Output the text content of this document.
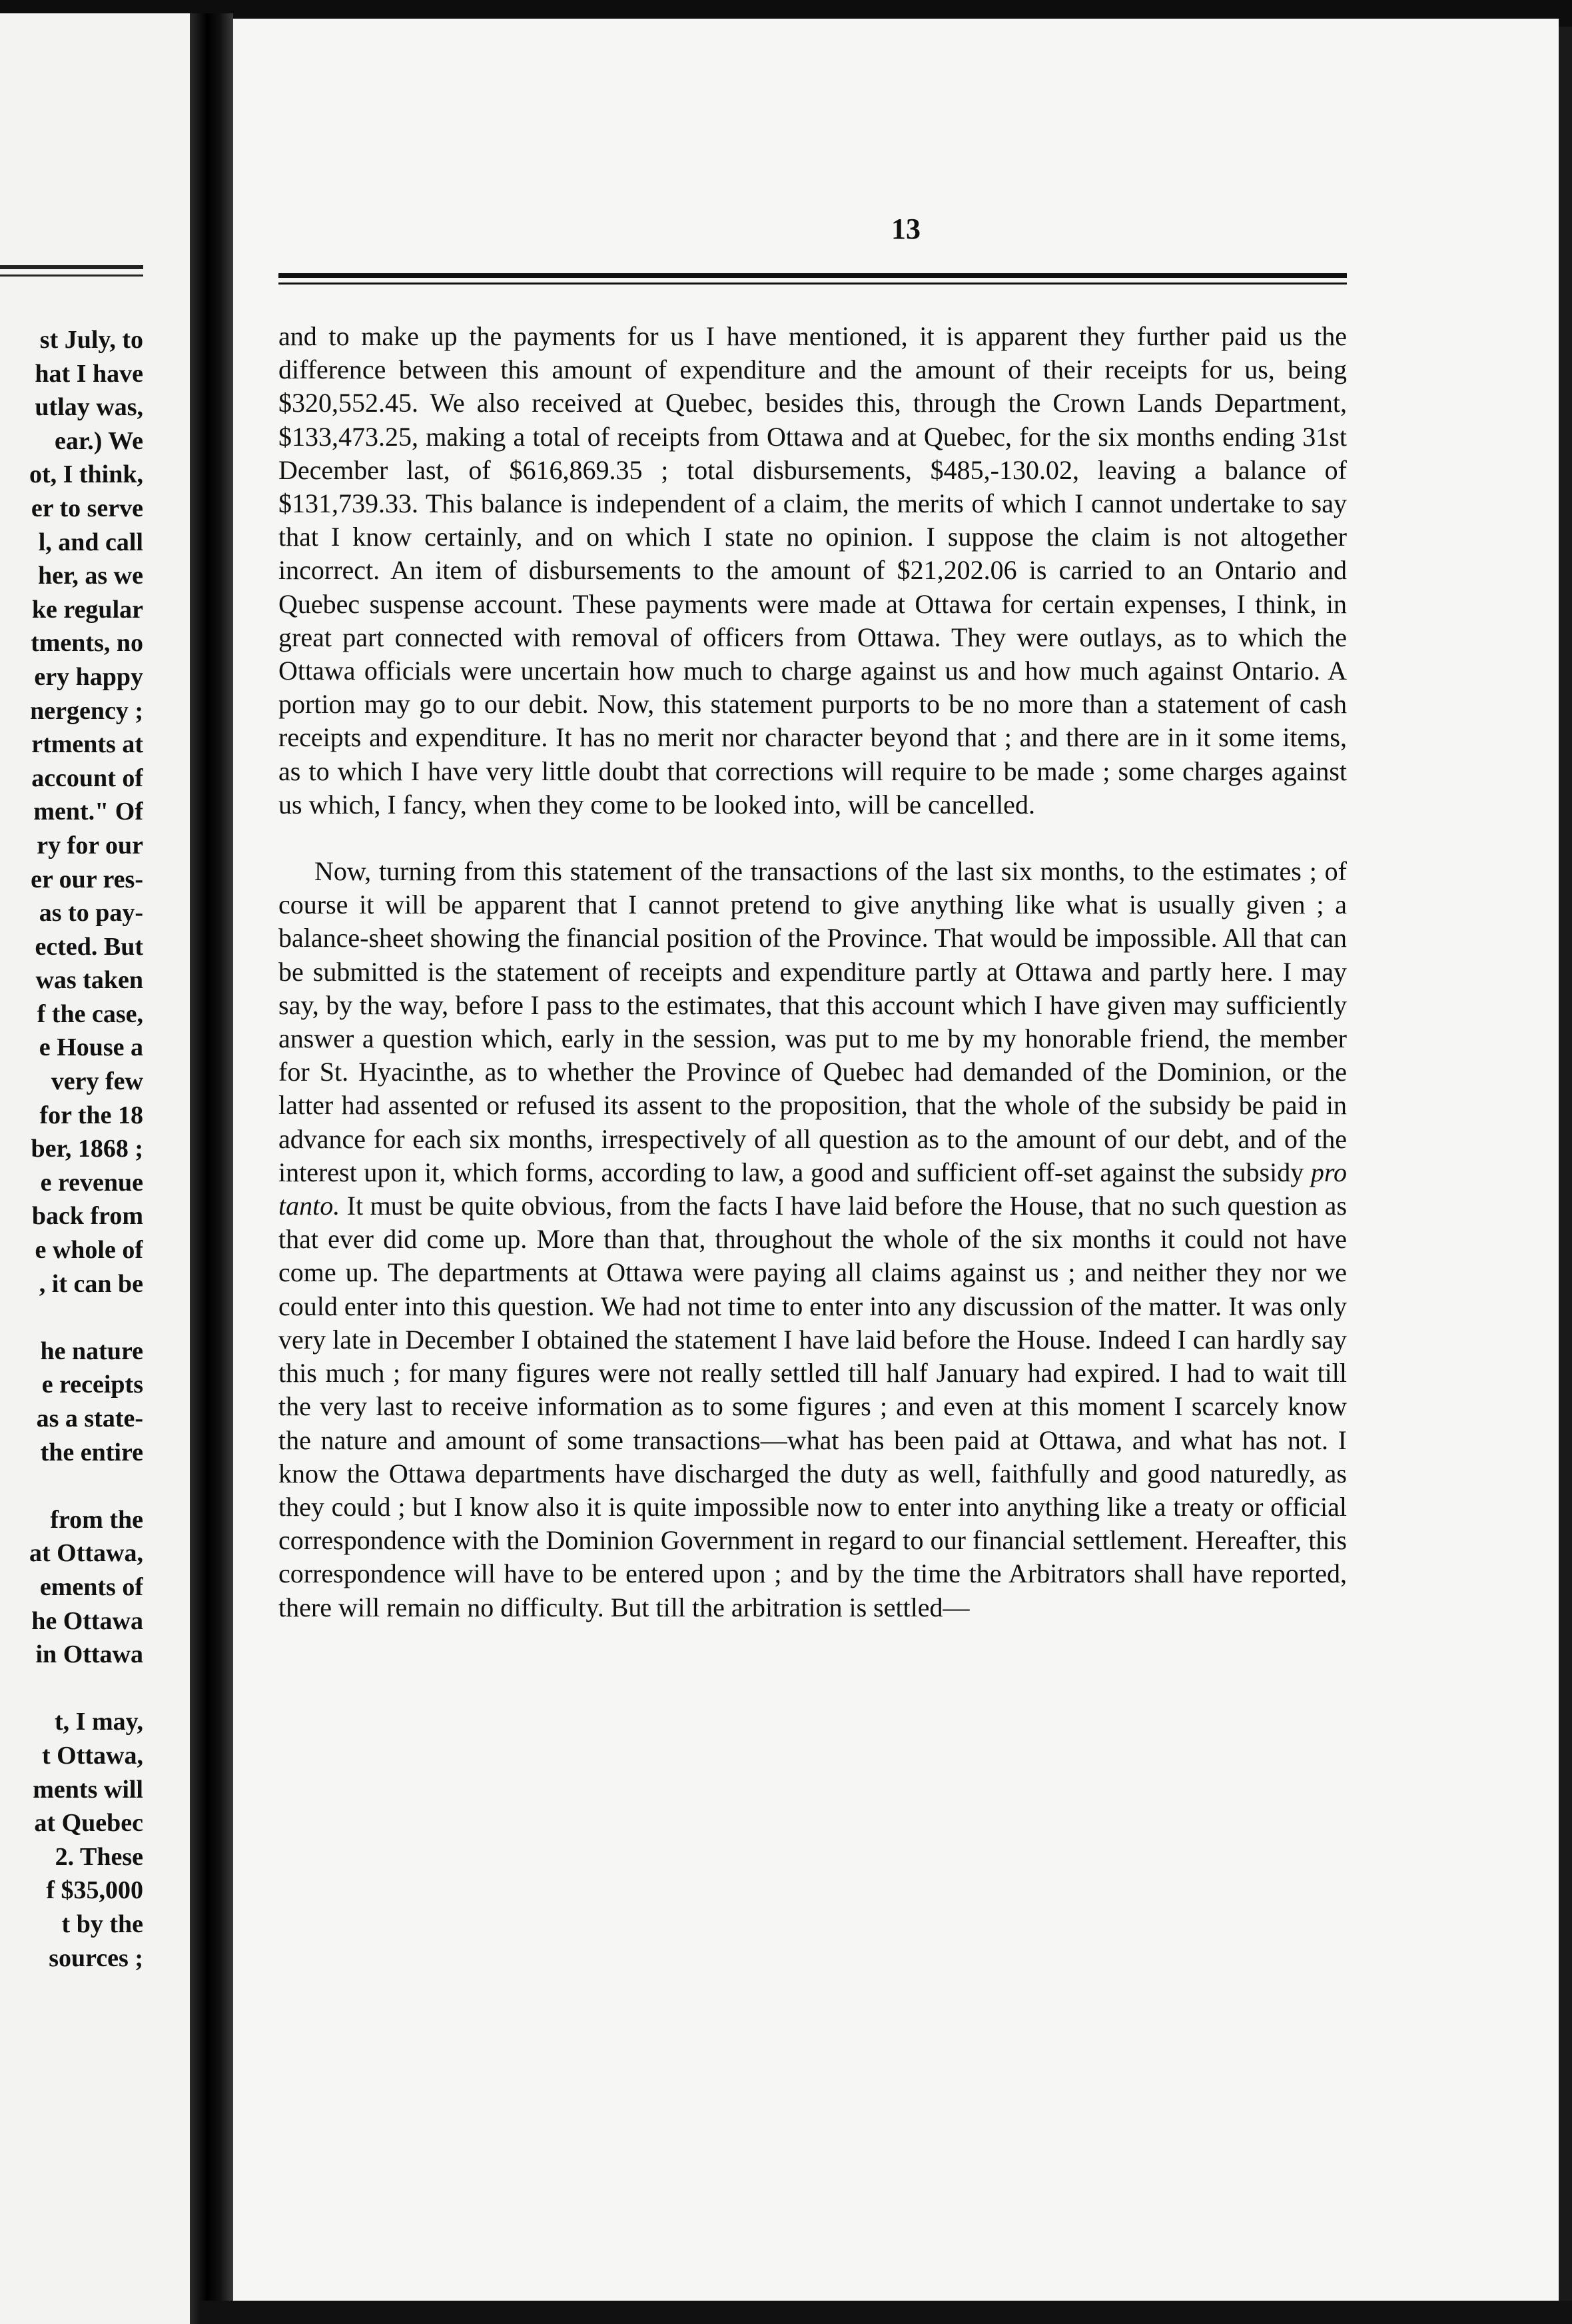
st July, to
hat I have
utlay was,
ear.) We
ot, I think,
er to serve
l, and call
her, as we
ke regular
tments, no
ery happy
nergency ;
rtments at
account of
ment." Of
ry for our
er our res-
as to pay-
ected. But
was taken
f the case,
e House a
very few
for the 18
ber, 1868 ;
e revenue
back from
e whole of
, it can be
he nature
e receipts
as a state-
the entire
from the
at Ottawa,
ements of
he Ottawa
in Ottawa
t, I may,
t Ottawa,
ments will
at Quebec
2. These
f $35,000
t by the
sources ;
13

and to make up the payments for us I have mentioned, it is apparent they further paid us the difference between this amount of expenditure and the amount of their receipts for us, being $320,552.45. We also received at Quebec, besides this, through the Crown Lands Department, $133,473.25, making a total of receipts from Ottawa and at Quebec, for the six months ending 31st December last, of $616,869.35 ; total disbursements, $485,-130.02, leaving a balance of $131,739.33. This balance is independent of a claim, the merits of which I cannot undertake to say that I know certainly, and on which I state no opinion. I suppose the claim is not altogether incorrect. An item of disbursements to the amount of $21,202.06 is carried to an Ontario and Quebec suspense account. These payments were made at Ottawa for certain expenses, I think, in great part connected with removal of officers from Ottawa. They were outlays, as to which the Ottawa officials were uncertain how much to charge against us and how much against Ontario. A portion may go to our debit. Now, this statement purports to be no more than a statement of cash receipts and expenditure. It has no merit nor character beyond that ; and there are in it some items, as to which I have very little doubt that corrections will require to be made ; some charges against us which, I fancy, when they come to be looked into, will be cancelled.

Now, turning from this statement of the transactions of the last six months, to the estimates ; of course it will be apparent that I cannot pretend to give anything like what is usually given ; a balance-sheet showing the financial position of the Province. That would be impossible. All that can be submitted is the statement of receipts and expenditure partly at Ottawa and partly here. I may say, by the way, before I pass to the estimates, that this account which I have given may sufficiently answer a question which, early in the session, was put to me by my honorable friend, the member for St. Hyacinthe, as to whether the Province of Quebec had demanded of the Dominion, or the latter had assented or refused its assent to the proposition, that the whole of the subsidy be paid in advance for each six months, irrespectively of all question as to the amount of our debt, and of the interest upon it, which forms, according to law, a good and sufficient off-set against the subsidy pro tanto. It must be quite obvious, from the facts I have laid before the House, that no such question as that ever did come up. More than that, throughout the whole of the six months it could not have come up. The departments at Ottawa were paying all claims against us ; and neither they nor we could enter into this question. We had not time to enter into any discussion of the matter. It was only very late in December I obtained the statement I have laid before the House. Indeed I can hardly say this much ; for many figures were not really settled till half January had expired. I had to wait till the very last to receive information as to some figures ; and even at this moment I scarcely know the nature and amount of some transactions—what has been paid at Ottawa, and what has not. I know the Ottawa departments have discharged the duty as well, faithfully and good naturedly, as they could ; but I know also it is quite impossible now to enter into anything like a treaty or official correspondence with the Dominion Government in regard to our financial settlement. Hereafter, this correspondence will have to be entered upon ; and by the time the Arbitrators shall have reported, there will remain no difficulty. But till the arbitration is settled—
